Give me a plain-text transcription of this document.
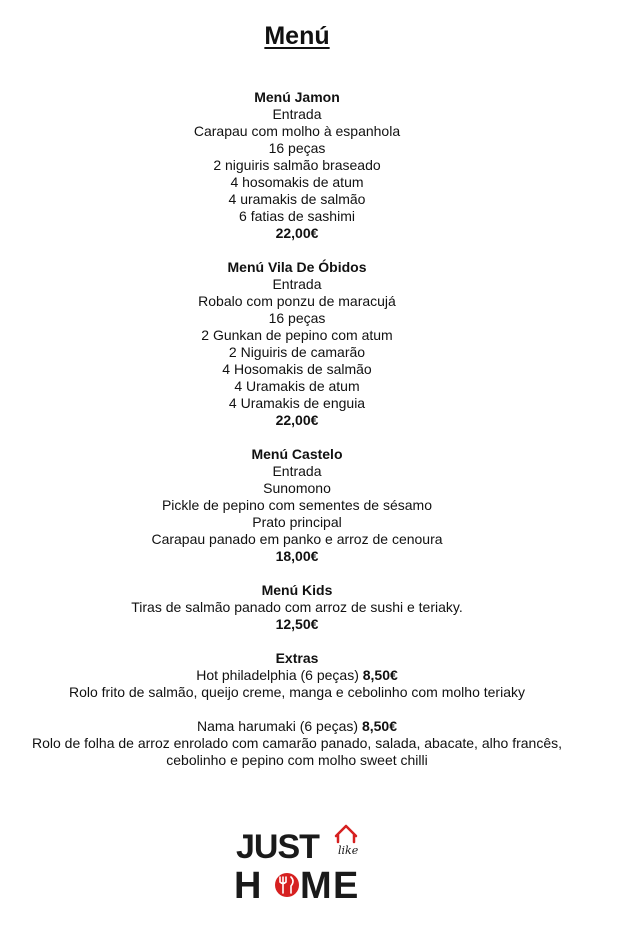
Menú
Menú Jamon
Entrada
Carapau com molho à espanhola
16 peças
2 niguiris salmão braseado
4 hosomakis de atum
4 uramakis de salmão
6 fatias de sashimi
22,00€
Menú Vila De Óbidos
Entrada
Robalo com ponzu de maracujá
16 peças
2 Gunkan de pepino com atum
2 Niguiris de camarão
4 Hosomakis de salmão
4 Uramakis de atum
4 Uramakis de enguia
22,00€
Menú Castelo
Entrada
Sunomono
Pickle de pepino com sementes de sésamo
Prato principal
Carapau panado em panko e arroz de cenoura
18,00€
Menú Kids
Tiras de salmão panado com arroz de sushi e teriaky.
12,50€
Extras
Hot philadelphia (6 peças) 8,50€
Rolo frito de salmão, queijo creme, manga e cebolinho com molho teriaky
Nama harumaki (6 peças) 8,50€
Rolo de folha de arroz enrolado com camarão panado, salada, abacate, alho francês,
cebolinho e pepino com molho sweet chilli
JUST like
H ME
